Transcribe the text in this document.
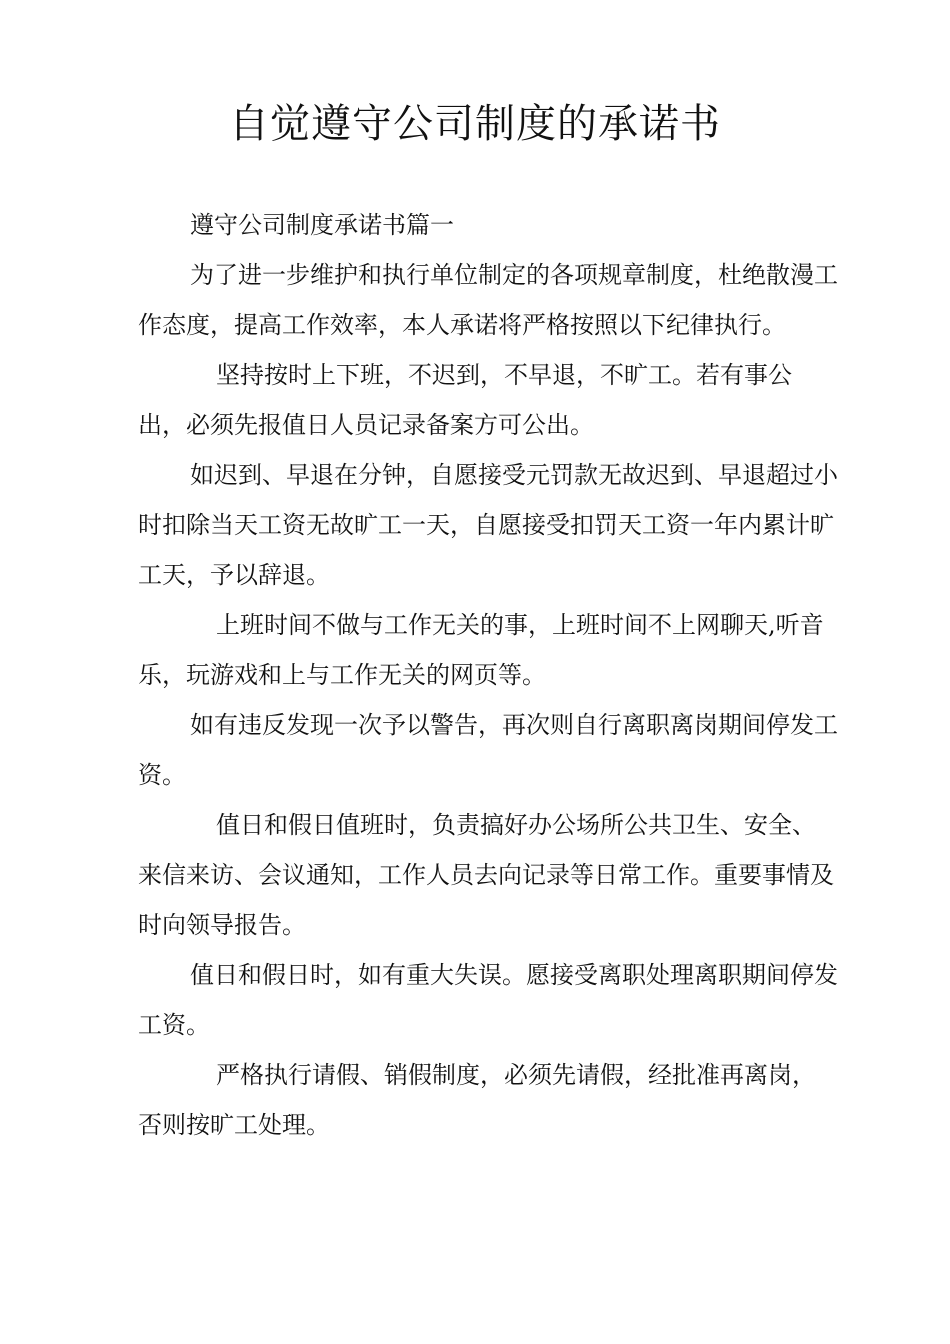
自觉遵守公司制度的承诺书

遵守公司制度承诺书篇一

为了进一步维护和执行单位制定的各项规章制度，杜绝散漫工作态度，提高工作效率，本人承诺将严格按照以下纪律执行。

坚持按时上下班，不迟到，不早退，不旷工。若有事公出，必须先报值日人员记录备案方可公出。

如迟到、早退在分钟，自愿接受元罚款无故迟到、早退超过小时扣除当天工资无故旷工一天，自愿接受扣罚天工资一年内累计旷工天，予以辞退。

上班时间不做与工作无关的事，上班时间不上网聊天,听音乐，玩游戏和上与工作无关的网页等。

如有违反发现一次予以警告，再次则自行离职离岗期间停发工资。

值日和假日值班时，负责搞好办公场所公共卫生、安全、来信来访、会议通知，工作人员去向记录等日常工作。重要事情及时向领导报告。

值日和假日时，如有重大失误。愿接受离职处理离职期间停发工资。

严格执行请假、销假制度，必须先请假，经批准再离岗，否则按旷工处理。
